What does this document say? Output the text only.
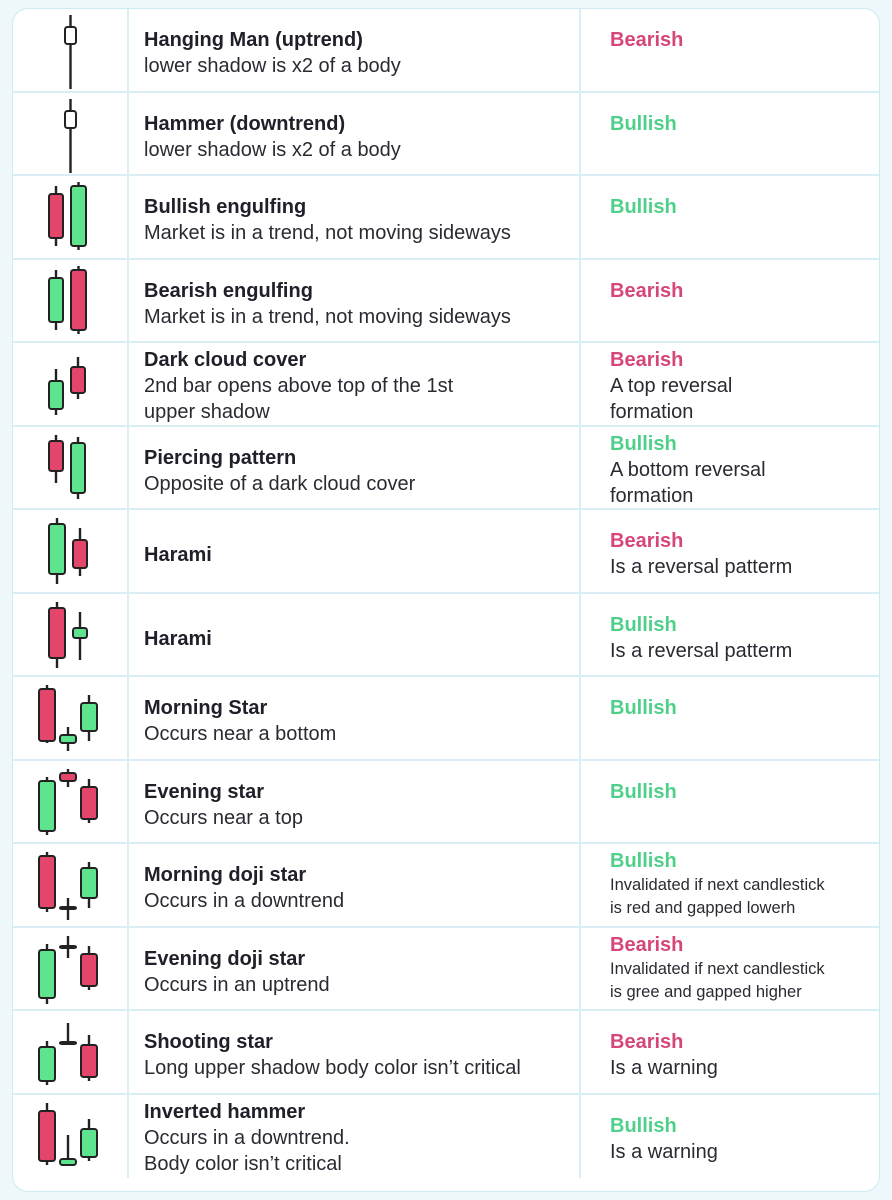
Hanging Man (uptrend)
lower shadow is x2 of a body
Bearish
Hammer (downtrend)
lower shadow is x2 of a body
Bullish
Bullish engulfing
Market is in a trend, not moving sideways
Bullish
Bearish engulfing
Market is in a trend, not moving sideways
Bearish
Dark cloud cover
2nd bar opens above top of the 1st
upper shadow
Bearish
A top reversal
formation
Piercing pattern
Opposite of a dark cloud cover
Bullish
A bottom reversal
formation
Harami
Bearish
Is a reversal patterm
Harami
Bullish
Is a reversal patterm
Morning Star
Occurs near a bottom
Bullish
Evening star
Occurs near a top
Bullish
Morning doji star
Occurs in a downtrend
Bullish
Invalidated if next candlestick
is red and gapped lowerh
Evening doji star
Occurs in an uptrend
Bearish
Invalidated if next candlestick
is gree and gapped higher
Shooting star
Long upper shadow body color isn’t critical
Bearish
Is a warning
Inverted hammer
Occurs in a downtrend.
Body color isn’t critical
Bullish
Is a warning
